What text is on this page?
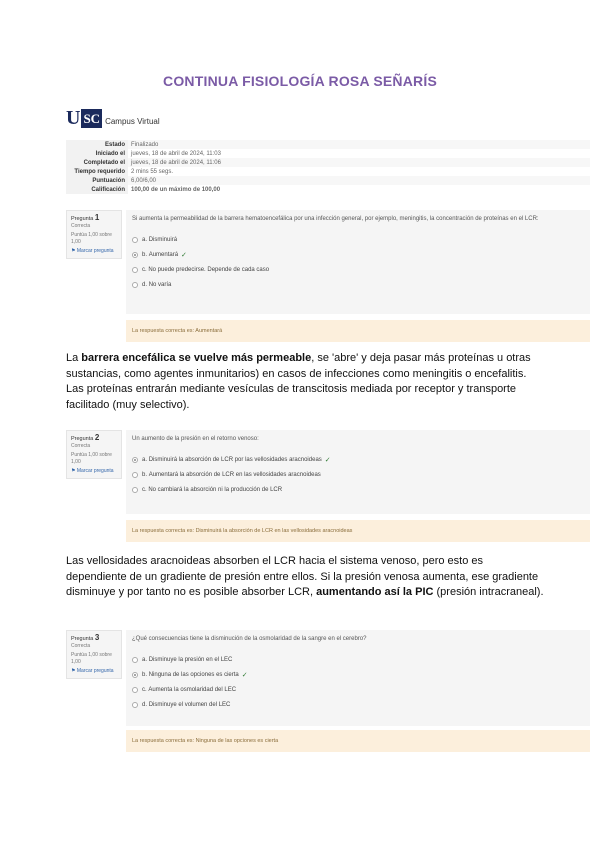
CONTINUA FISIOLOGÍA ROSA SEÑARÍS
U SC Campus Virtual
Estado	Finalizado
Iniciado el	jueves, 18 de abril de 2024, 11:03
Completado el	jueves, 18 de abril de 2024, 11:06
Tiempo requerido	2 mins 55 segs.
Puntuación	6,00/6,00
Calificación	100,00 de un máximo de 100,00
Pregunta 1
Correcta
Puntúa 1,00 sobre 1,00
⚑ Marcar pregunta
Si aumenta la permeabilidad de la barrera hematoencefálica por una infección general, por ejemplo, meningitis, la concentración de proteínas en el LCR:
a.
Disminuirá
b.
Aumentará ✓
c.
No puede predecirse. Depende de cada caso
d.
No varía
La respuesta correcta es: Aumentará

La barrera encefálica se vuelve más permeable, se 'abre' y deja pasar más proteínas u otras sustancias, como agentes inmunitarios) en casos de infecciones como meningitis o encefalitis. Las proteínas entrarán mediante vesículas de transcitosis mediada por receptor y transporte facilitado (muy selectivo).

Pregunta 2
Correcta
Puntúa 1,00 sobre 1,00
⚑ Marcar pregunta
Un aumento de la presión en el retorno venoso:
a.
Disminuirá la absorción de LCR por las vellosidades aracnoideas ✓
b.
Aumentará la absorción de LCR en las vellosidades aracnoideas
c.
No cambiará la absorción ni la producción de LCR
La respuesta correcta es: Disminuirá la absorción de LCR en las vellosidades aracnoideas

Las vellosidades aracnoideas absorben el LCR hacia el sistema venoso, pero esto es dependiente de un gradiente de presión entre ellos. Si la presión venosa aumenta, ese gradiente disminuye y por tanto no es posible absorber LCR, aumentando así la PIC (presión intracraneal).

Pregunta 3
Correcta
Puntúa 1,00 sobre 1,00
⚑ Marcar pregunta
¿Qué consecuencias tiene la disminución de la osmolaridad de la sangre en el cerebro?
a.
Disminuye la presión en el LEC
b.
Ninguna de las opciones es cierta ✓
c.
Aumenta la osmolaridad del LEC
d.
Disminuye el volumen del LEC
La respuesta correcta es: Ninguna de las opciones es cierta
